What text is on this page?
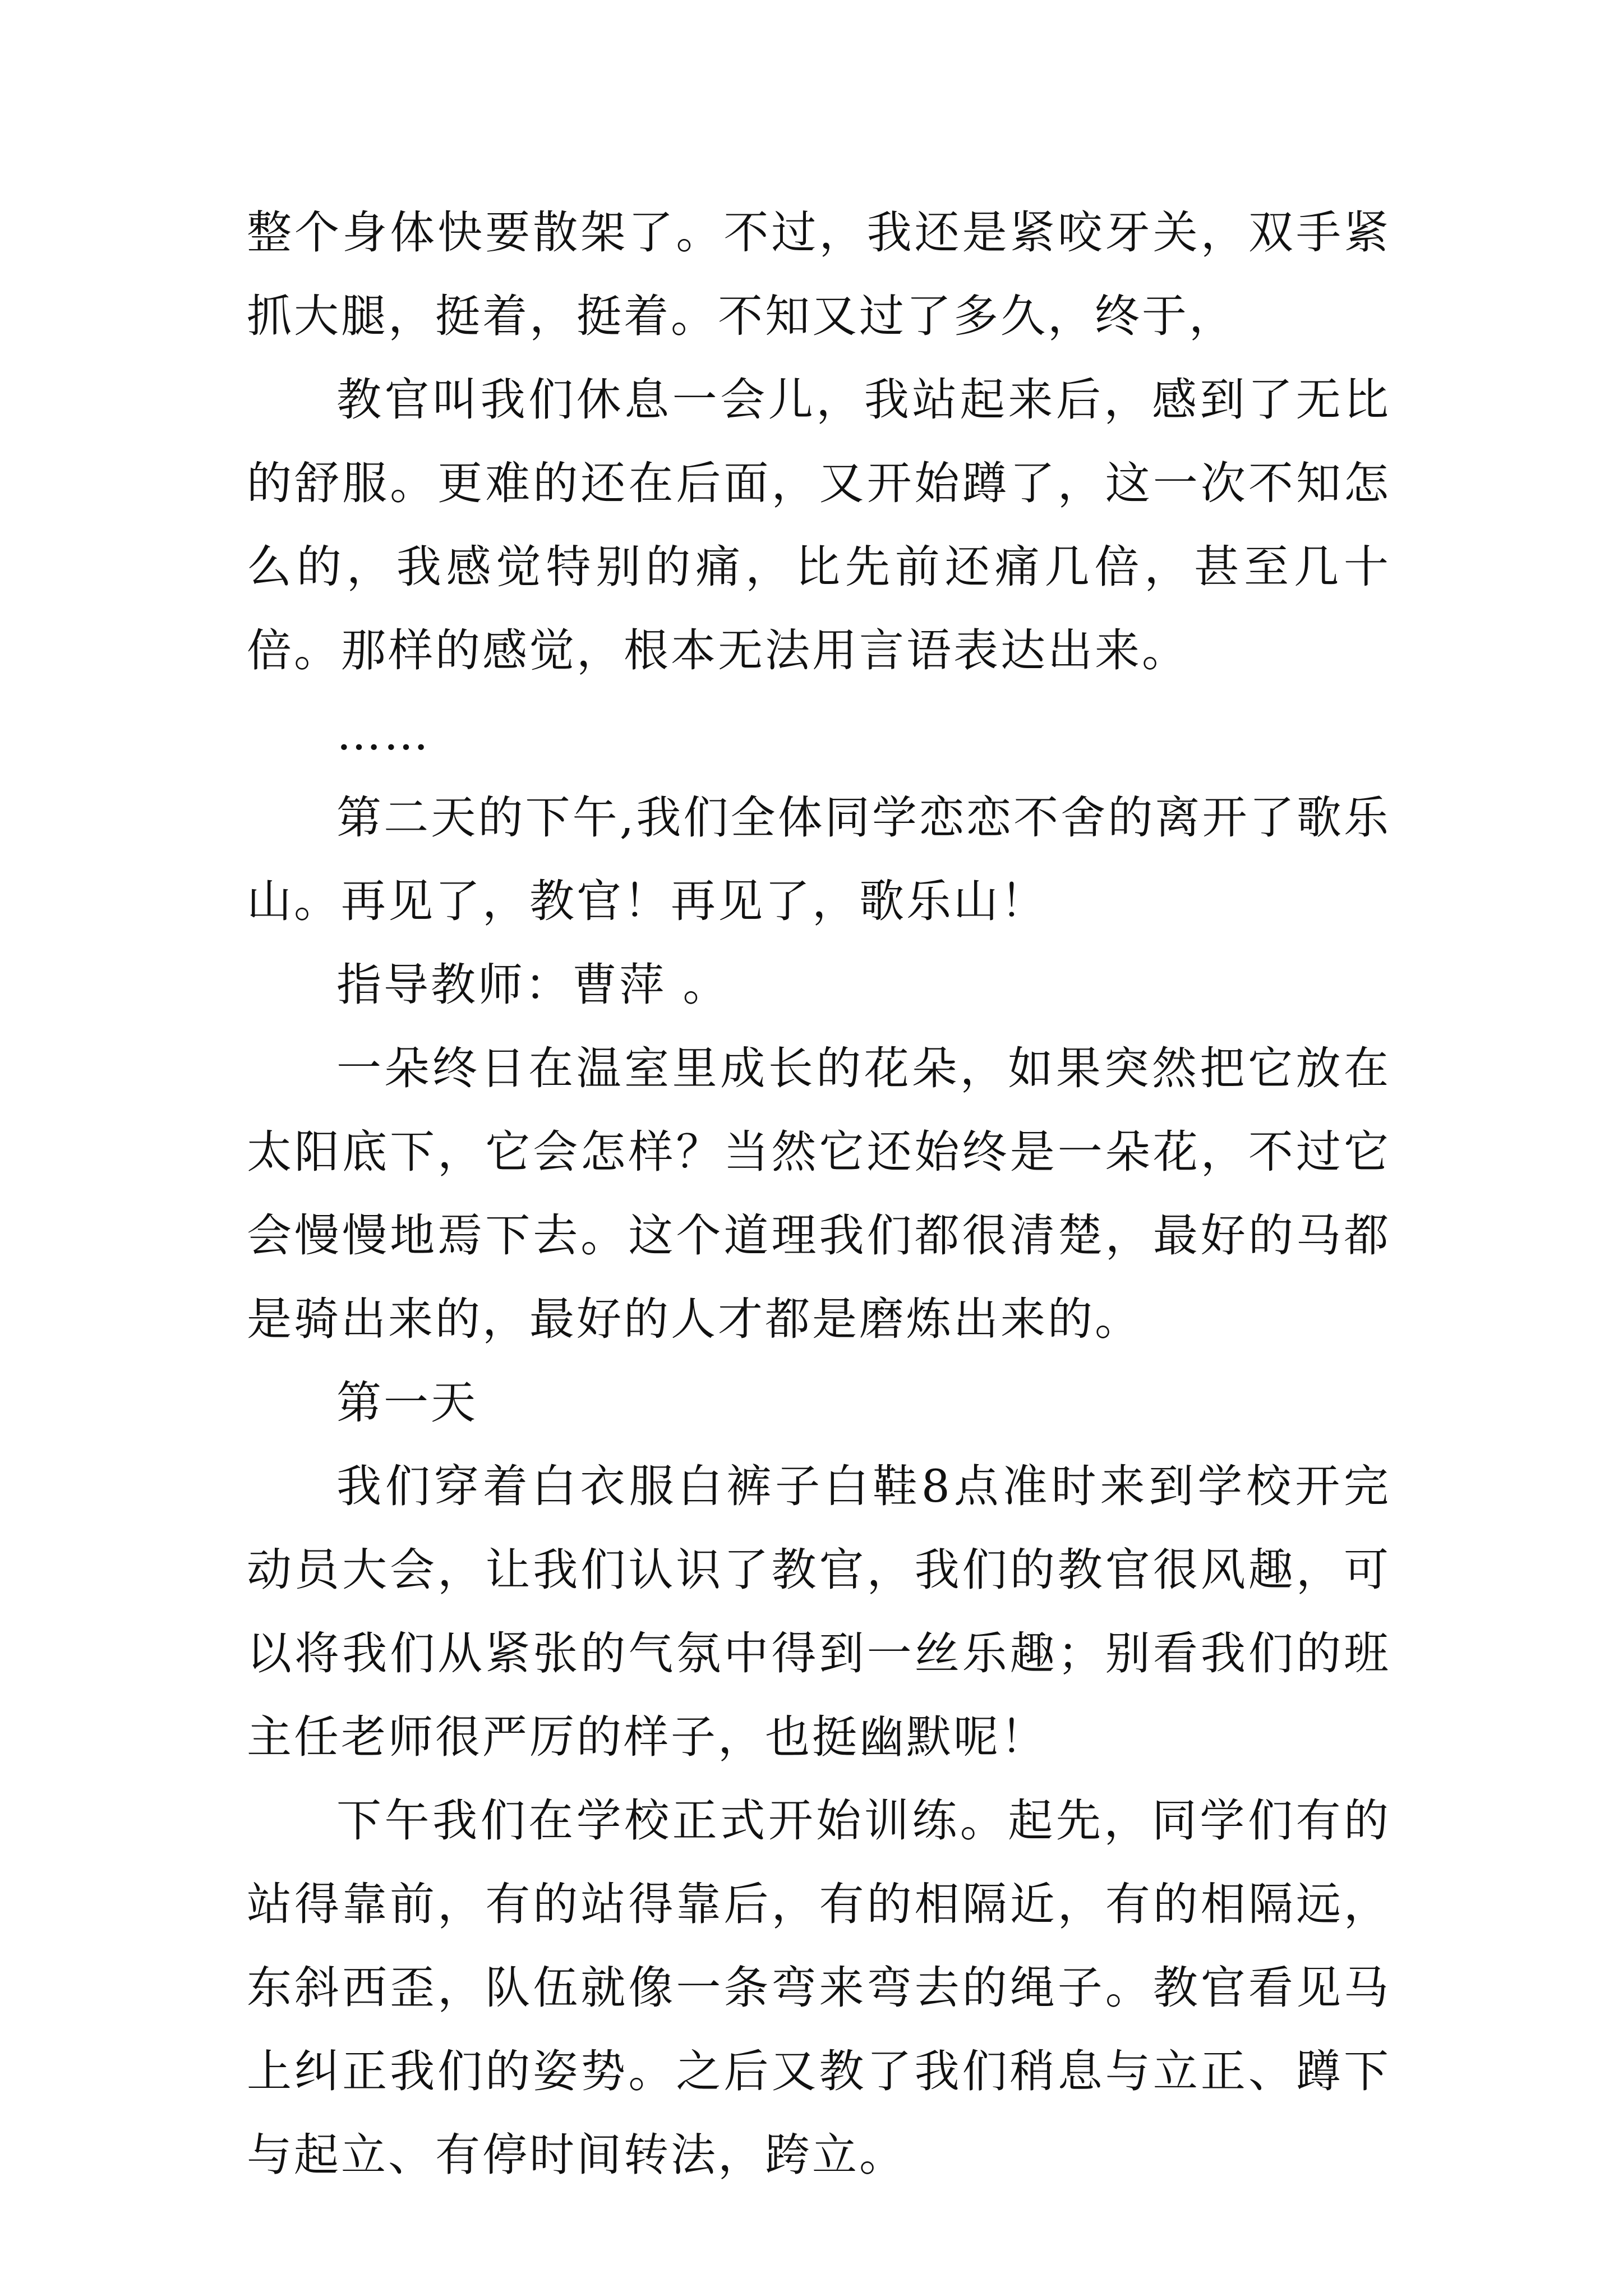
整个身体快要散架了。不过，我还是紧咬牙关，双手紧抓大腿，挺着，挺着。不知又过了多久，终于，

教官叫我们休息一会儿，我站起来后，感到了无比的舒服。更难的还在后面，又开始蹲了，这一次不知怎么的，我感觉特别的痛，比先前还痛几倍，甚至几十倍。那样的感觉，根本无法用言语表达出来。

……

第二天的下午,我们全体同学恋恋不舍的离开了歌乐山。再见了，教官！再见了，歌乐山！

指导教师：曹萍 。

一朵终日在温室里成长的花朵，如果突然把它放在太阳底下，它会怎样？当然它还始终是一朵花，不过它会慢慢地焉下去。这个道理我们都很清楚，最好的马都是骑出来的，最好的人才都是磨炼出来的。

第一天

我们穿着白衣服白裤子白鞋8点准时来到学校开完动员大会，让我们认识了教官，我们的教官很风趣，可以将我们从紧张的气氛中得到一丝乐趣；别看我们的班主任老师很严厉的样子，也挺幽默呢！

下午我们在学校正式开始训练。起先，同学们有的站得靠前，有的站得靠后，有的相隔近，有的相隔远，东斜西歪，队伍就像一条弯来弯去的绳子。教官看见马上纠正我们的姿势。之后又教了我们稍息与立正、蹲下与起立、有停时间转法，跨立。
